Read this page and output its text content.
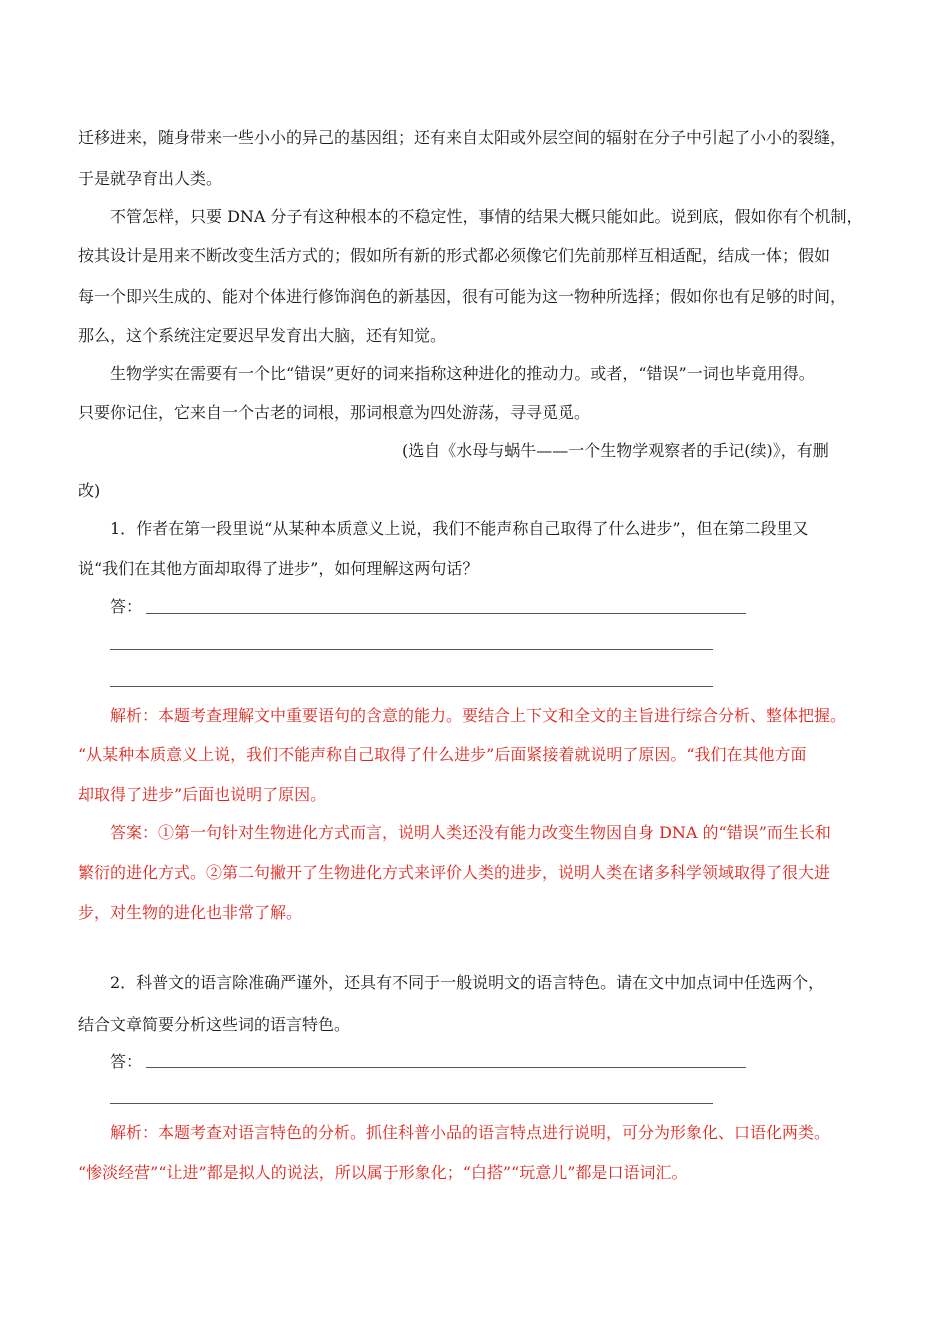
迁移进来，随身带来一些小小的异己的基因组；还有来自太阳或外层空间的辐射在分子中引起了小小的裂缝，
于是就孕育出人类。
不管怎样，只要 DNA 分子有这种根本的不稳定性，事情的结果大概只能如此。说到底，假如你有个机制，
按其设计是用来不断改变生活方式的；假如所有新的形式都必须像它们先前那样互相适配，结成一体；假如
每一个即兴生成的、能对个体进行修饰润色的新基因，很有可能为这一物种所选择；假如你也有足够的时间，
那么，这个系统注定要迟早发育出大脑，还有知觉。
生物学实在需要有一个比“错误”更好的词来指称这种进化的推动力。或者，“错误”一词也毕竟用得。
只要你记住，它来自一个古老的词根，那词根意为四处游荡，寻寻觅觅。
(选自《水母与蜗牛——一个生物学观察者的手记(续)》，有删
改)
1．作者在第一段里说“从某种本质意义上说，我们不能声称自己取得了什么进步”，但在第二段里又
说“我们在其他方面却取得了进步”，如何理解这两句话？
答：
解析：本题考查理解文中重要语句的含意的能力。要结合上下文和全文的主旨进行综合分析、整体把握。
“从某种本质意义上说，我们不能声称自己取得了什么进步”后面紧接着就说明了原因。“我们在其他方面
却取得了进步”后面也说明了原因。
答案：①第一句针对生物进化方式而言，说明人类还没有能力改变生物因自身 DNA 的“错误”而生长和
繁衍的进化方式。②第二句撇开了生物进化方式来评价人类的进步，说明人类在诸多科学领域取得了很大进
步，对生物的进化也非常了解。
2．科普文的语言除准确严谨外，还具有不同于一般说明文的语言特色。请在文中加点词中任选两个，
结合文章简要分析这些词的语言特色。
答：
解析：本题考查对语言特色的分析。抓住科普小品的语言特点进行说明，可分为形象化、口语化两类。
“惨淡经营”“让进”都是拟人的说法，所以属于形象化；“白搭”“玩意儿”都是口语词汇。
